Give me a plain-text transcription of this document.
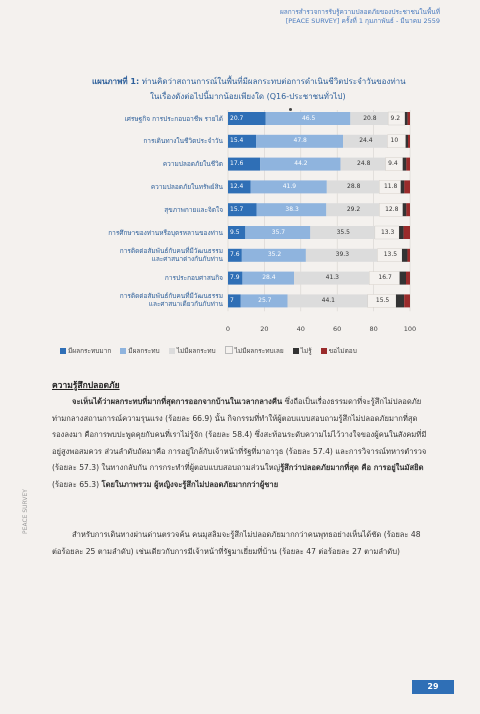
ผลการสำรวจการรับรู้ความปลอดภัยของประชาชนในพื้นที่
[PEACE SURVEY] ครั้งที่ 1 กุมภาพันธ์ - มีนาคม 2559
แผนภาพที่ 1: ท่านคิดว่าสถานการณ์ในพื้นที่มีผลกระทบต่อการดำเนินชีวิตประจำวันของท่าน
ในเรื่องดังต่อไปนี้มากน้อยเพียงใด (Q16-ประชาชนทั่วไป)
เศรษฐกิจ การประกอบอาชีพ รายได้ 20.7	46.5	20.8 9.2
การเดินทางในชีวิตประจำวัน 15.4	47.8	24.4	10
ความปลอดภัยในชีวิต 17.6	44.2	24.8	9.4
ความปลอดภัยในทรัพย์สิน 12.4	41.9	28.8	11.8
สุขภาพกายและจิตใจ 15.7	38.3	29.2	12.8
การศึกษาของท่านหรือบุตรหลานของท่าน 9.5	35.7	35.5	13.3
การติดต่อสัมพันธ์กับคนที่มีวัฒนธรรม
และศาสนาต่างกันกับท่าน 7.6	35.2	39.3	13.5
การประกอบศาสนกิจ 7.9	28.4	41.3	16.7
การติดต่อสัมพันธ์กับคนที่มีวัฒนธรรม
และศาสนาเดียวกันกับท่าน 7	25.7	44.1	15.5
มีผลกระทบมาก	มีผลกระทบ	ไม่มีผลกระทบ	ไม่มีผลกระทบเลย	ไม่รู้	ขอไม่ตอบ
ความรู้สึกปลอดภัย

จะเห็นได้ว่าผลกระทบที่มากที่สุดการออกจากบ้านในเวลากลางคืน ซึ่งถือเป็นเรื่องธรรมดาที่จะรู้สึกไม่ปลอดภัยท่ามกลางสถานการณ์ความรุนแรง (ร้อยละ 66.9) นั้น กิจกรรมที่ทำให้ผู้ตอบแบบสอบถามรู้สึกไม่ปลอดภัยมากที่สุดรองลงมา คือการพบปะพูดคุยกับคนที่เราไม่รู้จัก (ร้อยละ 58.4) ซึ่งสะท้อนระดับความไม่ไว้วางใจของผู้คนในสังคมที่มีอยู่สูงพอสมควร ส่วนลำดับถัดมาคือ การอยู่ใกล้กับเจ้าหน้าที่รัฐที่มาอาวุธ (ร้อยละ 57.4) และการวิจารณ์ทหารตำรวจ (ร้อยละ 57.3) ในทางกลับกัน การกระทำที่ผู้ตอบแบบสอบถามส่วนใหญ่รู้สึกว่าปลอดภัยมากที่สุด คือ การอยู่ในมัสยิด (ร้อยละ 65.3) โดยในภาพรวม ผู้หญิงจะรู้สึกไม่ปลอดภัยมากกว่าผู้ชาย

สำหรับการเดินทางผ่านด่านตรวจค้น คนมุสลิมจะรู้สึกไม่ปลอดภัยมากกว่าคนพุทธอย่างเห็นได้ชัด (ร้อยละ 48 ต่อร้อยละ 25 ตามลำดับ) เช่นเดียวกับการมีเจ้าหน้าที่รัฐมาเยี่ยมที่บ้าน (ร้อยละ 47 ต่อร้อยละ 27 ตามลำดับ)

PEACE SURVEY
29
0	20	40	60	80	100
